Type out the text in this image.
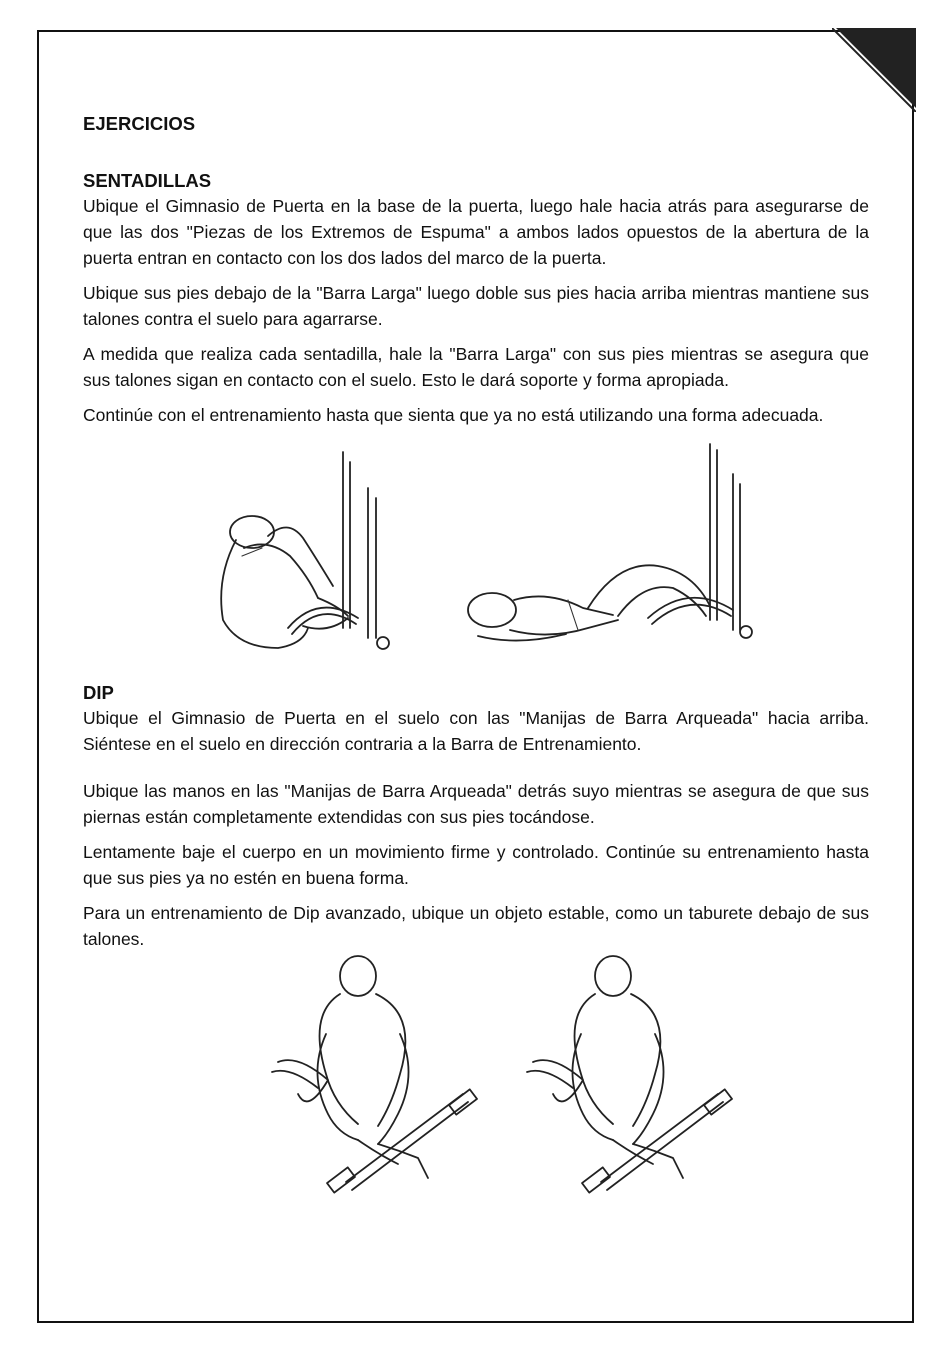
EJERCICIOS
SENTADILLAS

Ubique el Gimnasio de Puerta en la base de la puerta, luego hale hacia atrás para asegurarse de que las dos "Piezas de los Extremos de Espuma" a ambos lados opuestos de la abertura de la puerta entran en contacto con los dos lados del marco de la puerta.

Ubique sus pies debajo de la "Barra Larga" luego doble sus pies hacia arriba mientras mantiene sus talones contra el suelo para agarrarse.

A medida que realiza cada sentadilla, hale la "Barra Larga" con sus pies mientras se asegura que sus talones sigan en contacto con el suelo. Esto le dará soporte y forma apropiada.

Continúe con el entrenamiento hasta que sienta que ya no está utilizando una forma adecuada.

DIP

Ubique el Gimnasio de Puerta en el suelo con las "Manijas de Barra Arqueada" hacia arriba. Siéntese en el suelo en dirección contraria a la Barra de Entrenamiento.

Ubique las manos en las "Manijas de Barra Arqueada" detrás suyo mientras se asegura de que sus piernas están completamente extendidas con sus pies tocándose.

Lentamente baje el cuerpo en un movimiento firme y controlado. Continúe su entrenamiento hasta que sus pies ya no estén en buena forma.

Para un entrenamiento de Dip avanzado, ubique un objeto estable, como un taburete debajo de sus talones.
